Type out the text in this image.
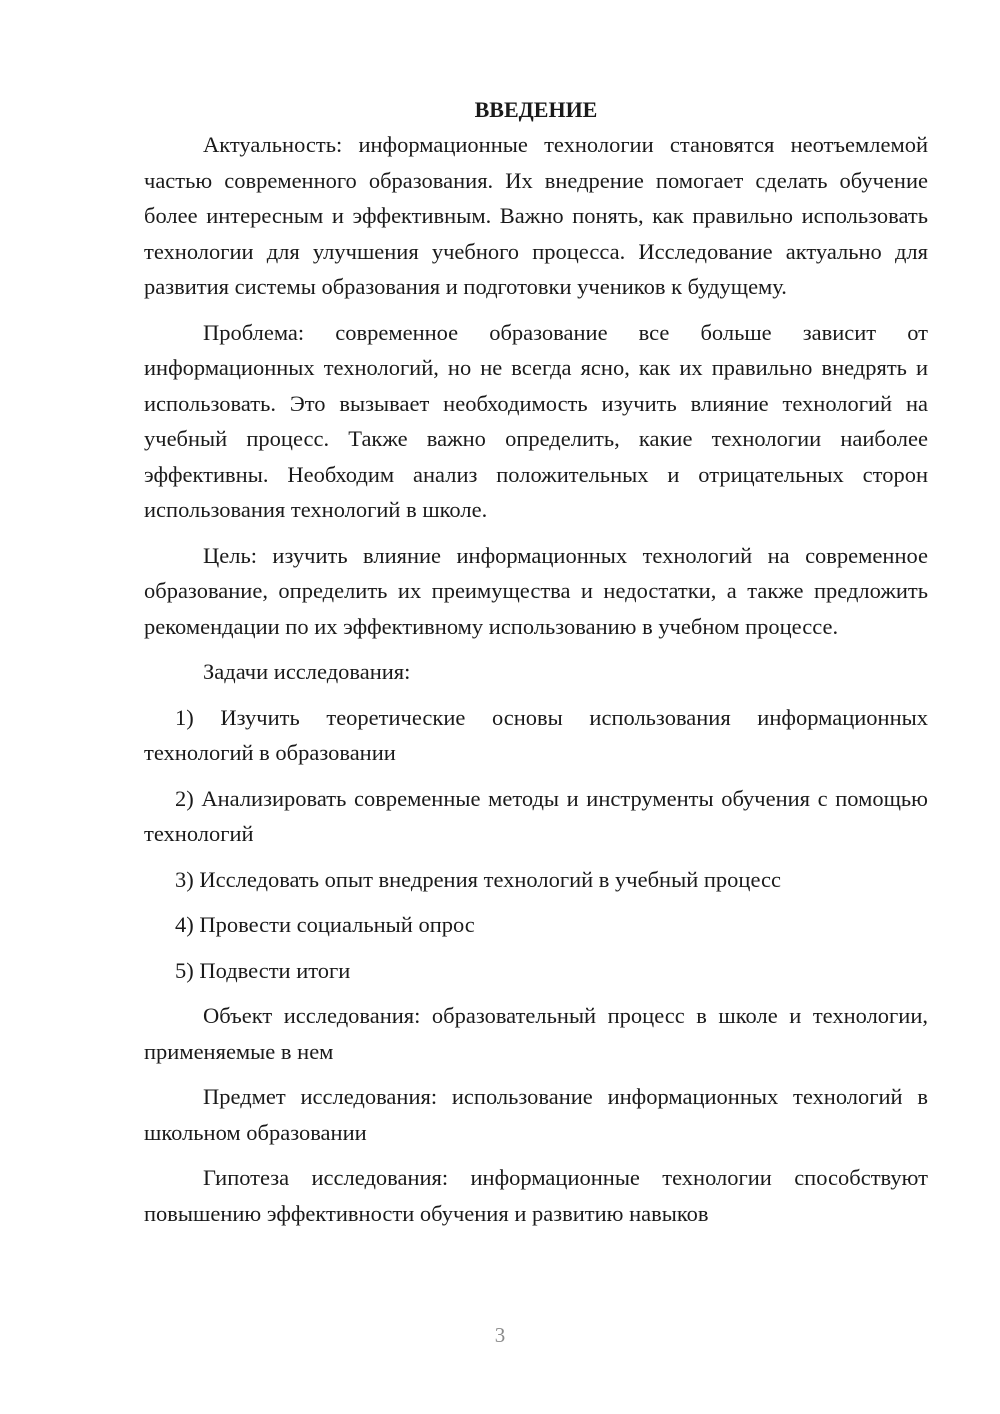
ВВЕДЕНИЕ

Актуальность: информационные технологии становятся неотъемлемой частью современного образования. Их внедрение помогает сделать обучение более интересным и эффективным. Важно понять, как правильно использовать технологии для улучшения учебного процесса. Исследование актуально для развития системы образования и подготовки учеников к будущему.

Проблема: современное образование все больше зависит от информационных технологий, но не всегда ясно, как их правильно внедрять и использовать. Это вызывает необходимость изучить влияние технологий на учебный процесс. Также важно определить, какие технологии наиболее эффективны. Необходим анализ положительных и отрицательных сторон использования технологий в школе.

Цель: изучить влияние информационных технологий на современное образование, определить их преимущества и недостатки, а также предложить рекомендации по их эффективному использованию в учебном процессе.

Задачи исследования:

1) Изучить теоретические основы использования информационных технологий в образовании

2) Анализировать современные методы и инструменты обучения с помощью технологий

3) Исследовать опыт внедрения технологий в учебный процесс

4) Провести социальный опрос

5) Подвести итоги

Объект исследования: образовательный процесс в школе и технологии, применяемые в нем

Предмет исследования: использование информационных технологий в школьном образовании

Гипотеза исследования: информационные технологии способствуют повышению эффективности обучения и развитию навыков

3
